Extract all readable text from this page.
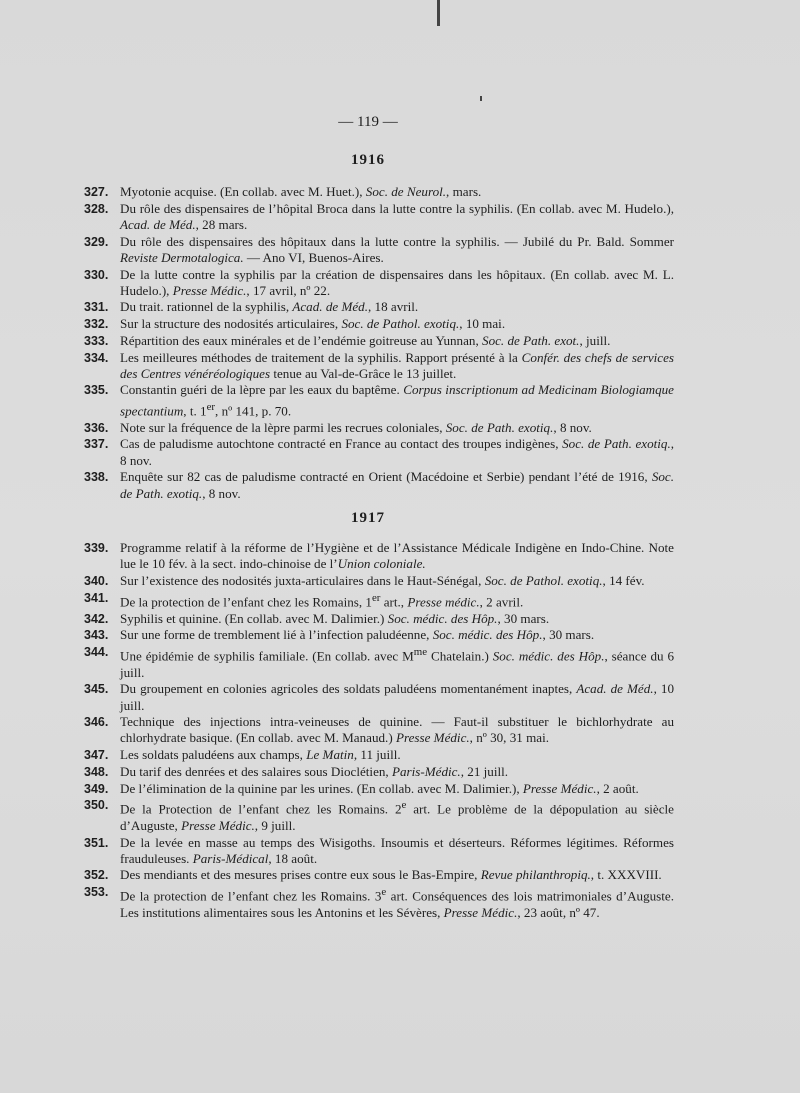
— 119 —
1916
327. Myotonie acquise. (En collab. avec M. Huet.), Soc. de Neurol., mars.
328. Du rôle des dispensaires de l’hôpital Broca dans la lutte contre la syphilis. (En collab. avec M. Hudelo.), Acad. de Méd., 28 mars.
329. Du rôle des dispensaires des hôpitaux dans la lutte contre la syphilis. — Jubilé du Pr. Bald. Sommer Reviste Dermotalogica. — Ano VI, Buenos-Aires.
330. De la lutte contre la syphilis par la création de dispensaires dans les hôpitaux. (En collab. avec M. L. Hudelo.), Presse Médic., 17 avril, nº 22.
331. Du trait. rationnel de la syphilis, Acad. de Méd., 18 avril.
332. Sur la structure des nodosités articulaires, Soc. de Pathol. exotiq., 10 mai.
333. Répartition des eaux minérales et de l’endémie goitreuse au Yunnan, Soc. de Path. exot., juill.
334. Les meilleures méthodes de traitement de la syphilis. Rapport présenté à la Confér. des chefs de services des Centres vénéréologiques tenue au Val-de-Grâce le 13 juillet.
335. Constantin guéri de la lèpre par les eaux du baptême. Corpus inscriptionum ad Medicinam Biologiamque spectantium, t. 1er, nº 141, p. 70.
336. Note sur la fréquence de la lèpre parmi les recrues coloniales, Soc. de Path. exotiq., 8 nov.
337. Cas de paludisme autochtone contracté en France au contact des troupes indigènes, Soc. de Path. exotiq., 8 nov.
338. Enquête sur 82 cas de paludisme contracté en Orient (Macédoine et Serbie) pendant l’été de 1916, Soc. de Path. exotiq., 8 nov.
1917
339. Programme relatif à la réforme de l’Hygiène et de l’Assistance Médicale Indigène en Indo-Chine. Note lue le 10 fév. à la sect. indo-chinoise de l’Union coloniale.
340. Sur l’existence des nodosités juxta-articulaires dans le Haut-Sénégal, Soc. de Pathol. exotiq., 14 fév.
341. De la protection de l’enfant chez les Romains, 1er art., Presse médic., 2 avril.
342. Syphilis et quinine. (En collab. avec M. Dalimier.) Soc. médic. des Hôp., 30 mars.
343. Sur une forme de tremblement lié à l’infection paludéenne, Soc. médic. des Hôp., 30 mars.
344. Une épidémie de syphilis familiale. (En collab. avec $M^{me}$ Chatelain.) Soc. médic. des Hôp., séance du 6 juill.
345. Du groupement en colonies agricoles des soldats paludéens momentanément inaptes, Acad. de Méd., 10 juill.
346. Technique des injections intra-veineuses de quinine. — Faut-il substituer le bichlorhydrate au chlorhydrate basique. (En collab. avec M. Manaud.) Presse Médic., nº 30, 31 mai.
347. Les soldats paludéens aux champs, Le Matin, 11 juill.
348. Du tarif des denrées et des salaires sous Dioclétien, Paris-Médic., 21 juill.
349. De l’élimination de la quinine par les urines. (En collab. avec M. Dalimier.), Presse Médic., 2 août.
350. De la Protection de l’enfant chez les Romains. 2e art. Le problème de la dépopulation au siècle d’Auguste, Presse Médic., 9 juill.
351. De la levée en masse au temps des Wisigoths. Insoumis et déserteurs. Réformes légitimes. Réformes frauduleuses. Paris-Médical, 18 août.
352. Des mendiants et des mesures prises contre eux sous le Bas-Empire, Revue philanthropiq., t. XXXVIII.
353. De la protection de l’enfant chez les Romains. 3e art. Conséquences des lois matrimoniales d’Auguste. Les institutions alimentaires sous les Antonins et les Sévères, Presse Médic., 23 août, nº 47.
